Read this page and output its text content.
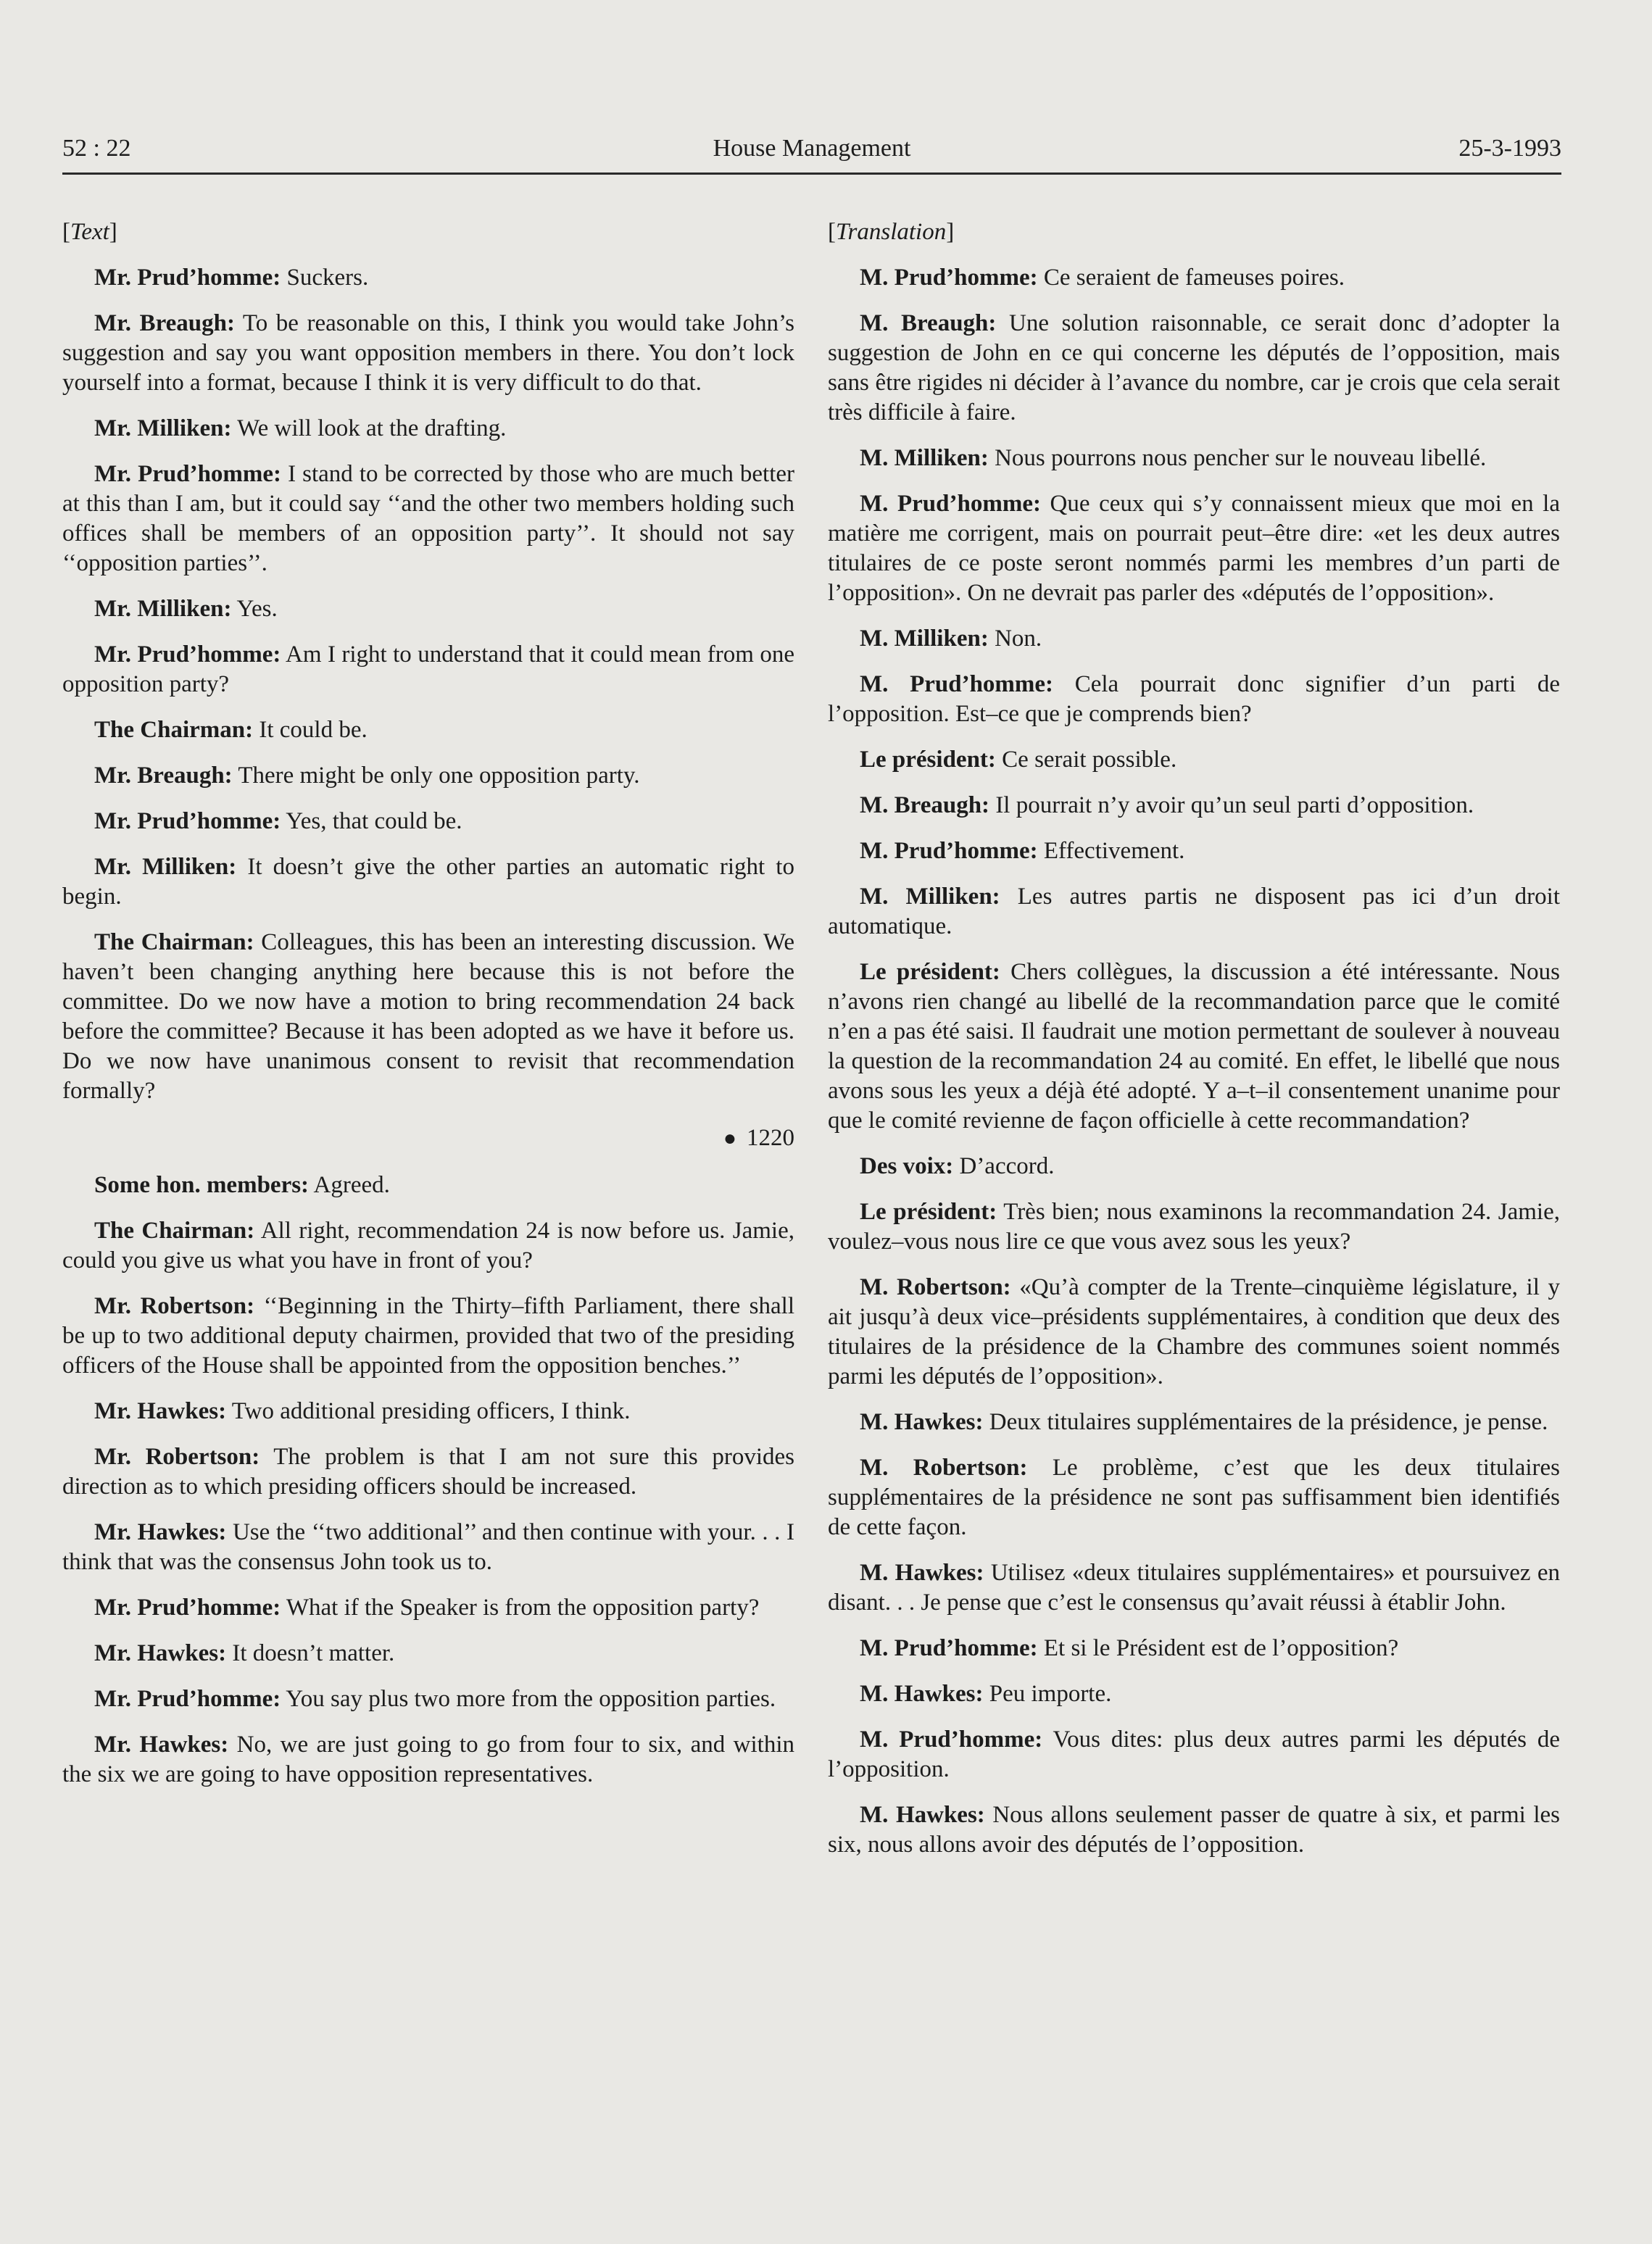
52 : 22	House Management	25-3-1993
[Text]
Mr. Prud’homme: Suckers.
Mr. Breaugh: To be reasonable on this, I think you would take John’s suggestion and say you want opposition members in there. You don’t lock yourself into a format, because I think it is very difficult to do that.
Mr. Milliken: We will look at the drafting.
Mr. Prud’homme: I stand to be corrected by those who are much better at this than I am, but it could say ‘‘and the other two members holding such offices shall be members of an opposition party’’. It should not say ‘‘opposition parties’’.
Mr. Milliken: Yes.
Mr. Prud’homme: Am I right to understand that it could mean from one opposition party?
The Chairman: It could be.
Mr. Breaugh: There might be only one opposition party.
Mr. Prud’homme: Yes, that could be.
Mr. Milliken: It doesn’t give the other parties an automatic right to begin.
The Chairman: Colleagues, this has been an interesting discussion. We haven’t been changing anything here because this is not before the committee. Do we now have a motion to bring recommendation 24 back before the committee? Because it has been adopted as we have it before us. Do we now have unanimous consent to revisit that recommendation formally?
● 1220
Some hon. members: Agreed.
The Chairman: All right, recommendation 24 is now before us. Jamie, could you give us what you have in front of you?
Mr. Robertson: ‘‘Beginning in the Thirty–fifth Parliament, there shall be up to two additional deputy chairmen, provided that two of the presiding officers of the House shall be appointed from the opposition benches.’’
Mr. Hawkes: Two additional presiding officers, I think.
Mr. Robertson: The problem is that I am not sure this provides direction as to which presiding officers should be increased.
Mr. Hawkes: Use the ‘‘two additional’’ and then continue with your. . . I think that was the consensus John took us to.
Mr. Prud’homme: What if the Speaker is from the opposition party?
Mr. Hawkes: It doesn’t matter.
Mr. Prud’homme: You say plus two more from the opposition parties.
Mr. Hawkes: No, we are just going to go from four to six, and within the six we are going to have opposition representatives.
[Translation]
M. Prud’homme: Ce seraient de fameuses poires.
M. Breaugh: Une solution raisonnable, ce serait donc d’adopter la suggestion de John en ce qui concerne les députés de l’opposition, mais sans être rigides ni décider à l’avance du nombre, car je crois que cela serait très difficile à faire.
M. Milliken: Nous pourrons nous pencher sur le nouveau libellé.
M. Prud’homme: Que ceux qui s’y connaissent mieux que moi en la matière me corrigent, mais on pourrait peut–être dire: «et les deux autres titulaires de ce poste seront nommés parmi les membres d’un parti de l’opposition». On ne devrait pas parler des «députés de l’opposition».
M. Milliken: Non.
M. Prud’homme: Cela pourrait donc signifier d’un parti de l’opposition. Est–ce que je comprends bien?
Le président: Ce serait possible.
M. Breaugh: Il pourrait n’y avoir qu’un seul parti d’opposition.
M. Prud’homme: Effectivement.
M. Milliken: Les autres partis ne disposent pas ici d’un droit automatique.
Le président: Chers collègues, la discussion a été intéressante. Nous n’avons rien changé au libellé de la recommandation parce que le comité n’en a pas été saisi. Il faudrait une motion permettant de soulever à nouveau la question de la recommandation 24 au comité. En effet, le libellé que nous avons sous les yeux a déjà été adopté. Y a–t–il consentement unanime pour que le comité revienne de façon officielle à cette recommandation?
Des voix: D’accord.
Le président: Très bien; nous examinons la recommandation 24. Jamie, voulez–vous nous lire ce que vous avez sous les yeux?
M. Robertson: «Qu’à compter de la Trente–cinquième législature, il y ait jusqu’à deux vice–présidents supplémentaires, à condition que deux des titulaires de la présidence de la Chambre des communes soient nommés parmi les députés de l’opposition».
M. Hawkes: Deux titulaires supplémentaires de la présidence, je pense.
M. Robertson: Le problème, c’est que les deux titulaires supplémentaires de la présidence ne sont pas suffisamment bien identifiés de cette façon.
M. Hawkes: Utilisez «deux titulaires supplémentaires» et poursuivez en disant. . . Je pense que c’est le consensus qu’avait réussi à établir John.
M. Prud’homme: Et si le Président est de l’opposition?
M. Hawkes: Peu importe.
M. Prud’homme: Vous dites: plus deux autres parmi les députés de l’opposition.
M. Hawkes: Nous allons seulement passer de quatre à six, et parmi les six, nous allons avoir des députés de l’opposition.
